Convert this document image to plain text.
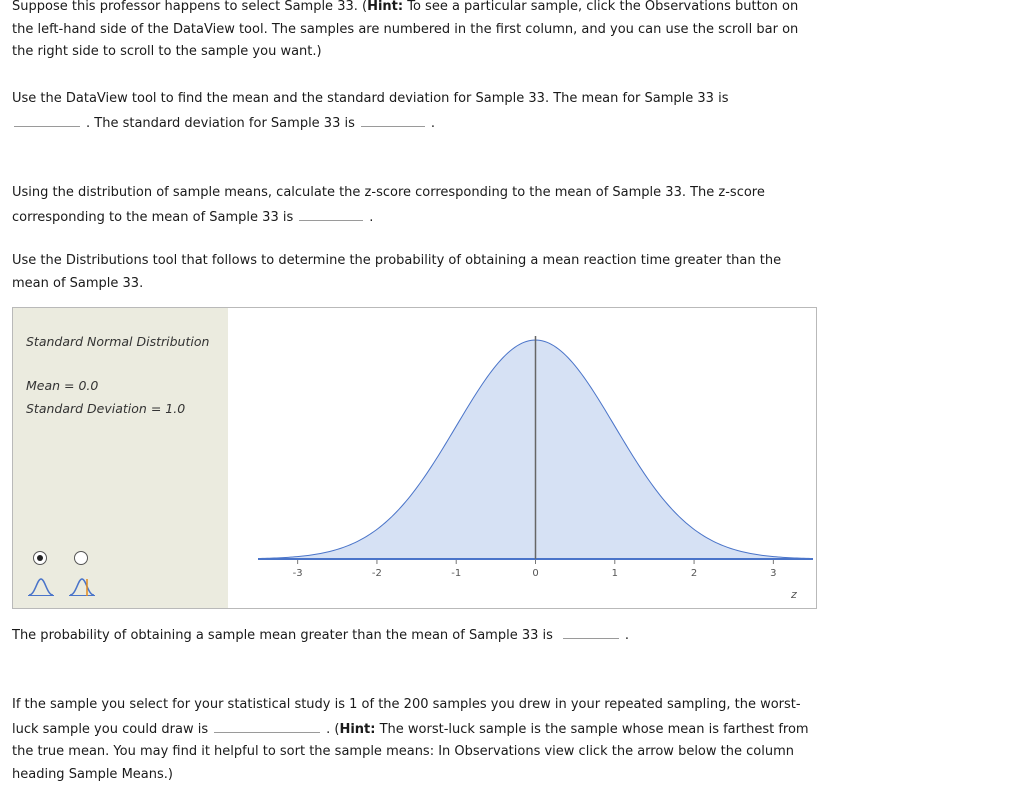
Suppose this professor happens to select Sample 33. (Hint: To see a particular sample, click the Observations button on the left-hand side of the DataView tool. The samples are numbered in the first column, and you can use the scroll bar on the right side to scroll to the sample you want.)
Use the DataView tool to find the mean and the standard deviation for Sample 33. The mean for Sample 33 is
. The standard deviation for Sample 33 is	.
Using the distribution of sample means, calculate the z-score corresponding to the mean of Sample 33. The z-score corresponding to the mean of Sample 33 is	.
Use the Distributions tool that follows to determine the probability of obtaining a mean reaction time greater than the mean of Sample 33.
Standard Normal Distribution
Mean = 0.0
Standard Deviation = 1.0
-3	-2	-1	0	1	2	3
z
The probability of obtaining a sample mean greater than the mean of Sample 33 is	.
If the sample you select for your statistical study is 1 of the 200 samples you drew in your repeated sampling, the worst-luck sample you could draw is	. (Hint: The worst-luck sample is the sample whose mean is farthest from the true mean. You may find it helpful to sort the sample means: In Observations view click the arrow below the column heading Sample Means.)
